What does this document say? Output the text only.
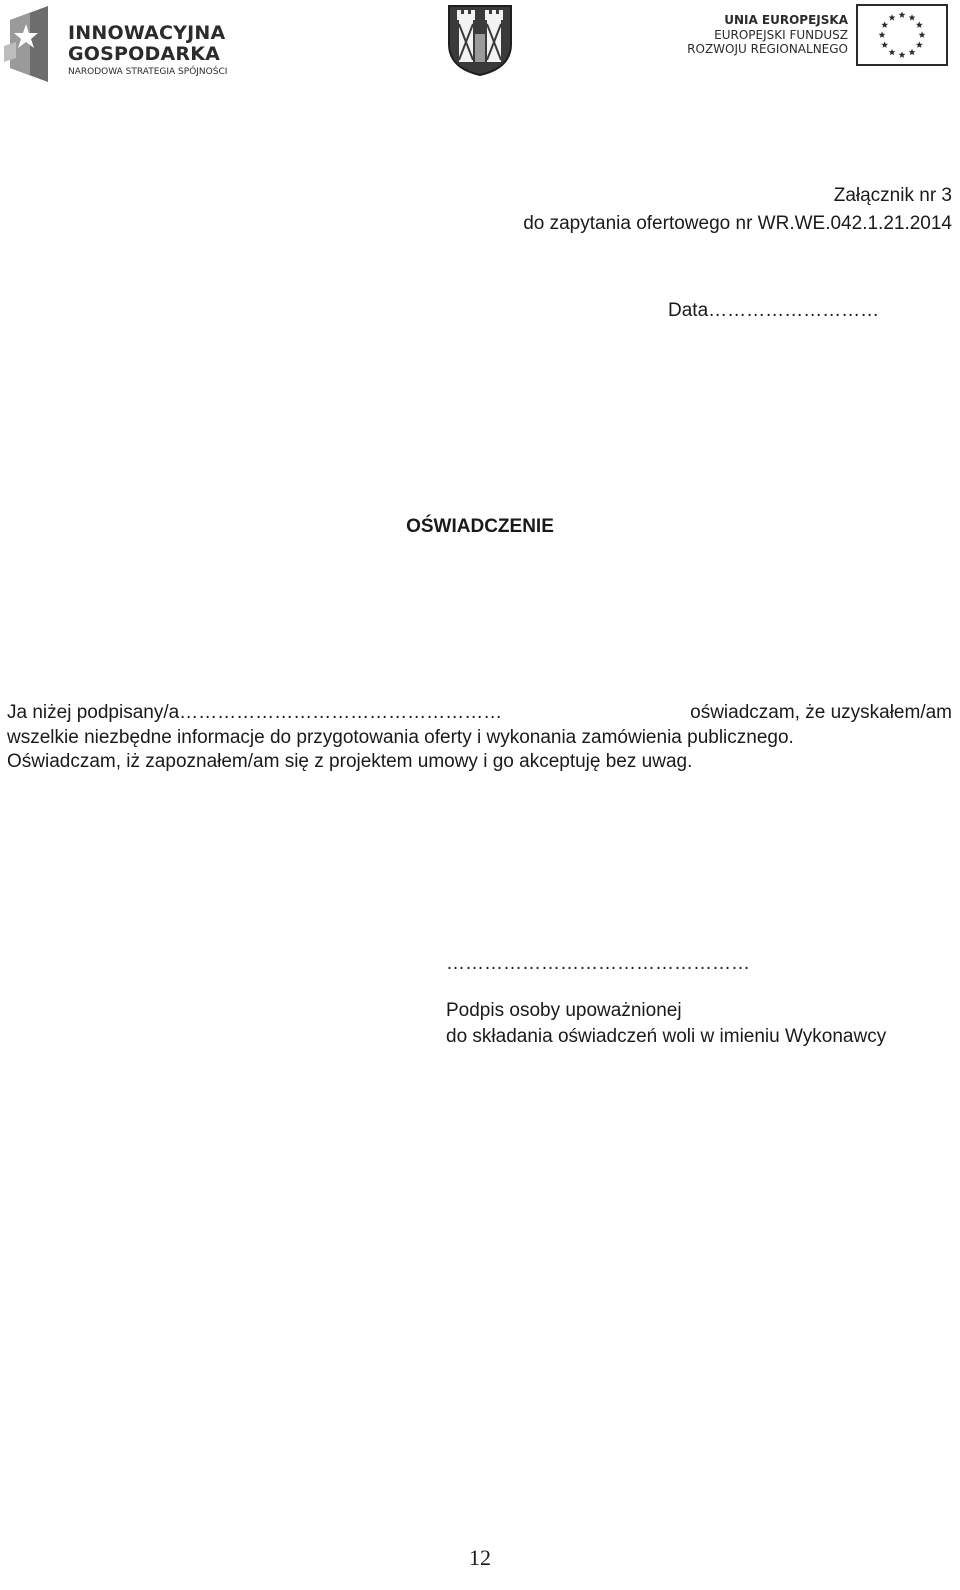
INNOWACYJNA
GOSPODARKA
NARODOWA STRATEGIA SPÓJNOŚCI
UNIA EUROPEJSKA
EUROPEJSKI FUNDUSZ
ROZWOJU REGIONALNEGO
Załącznik nr 3
do zapytania ofertowego nr WR.WE.042.1.21.2014
Data………………………
OŚWIADCZENIE
Ja niżej podpisany/a……………………………………………	oświadczam, że uzyskałem/am
wszelkie niezbędne informacje do przygotowania oferty i wykonania zamówienia publicznego.
Oświadczam, iż zapoznałem/am się z projektem umowy i go akceptuję bez uwag.
…………………………………………
Podpis osoby upoważnionej
do składania oświadczeń woli w imieniu Wykonawcy
12
